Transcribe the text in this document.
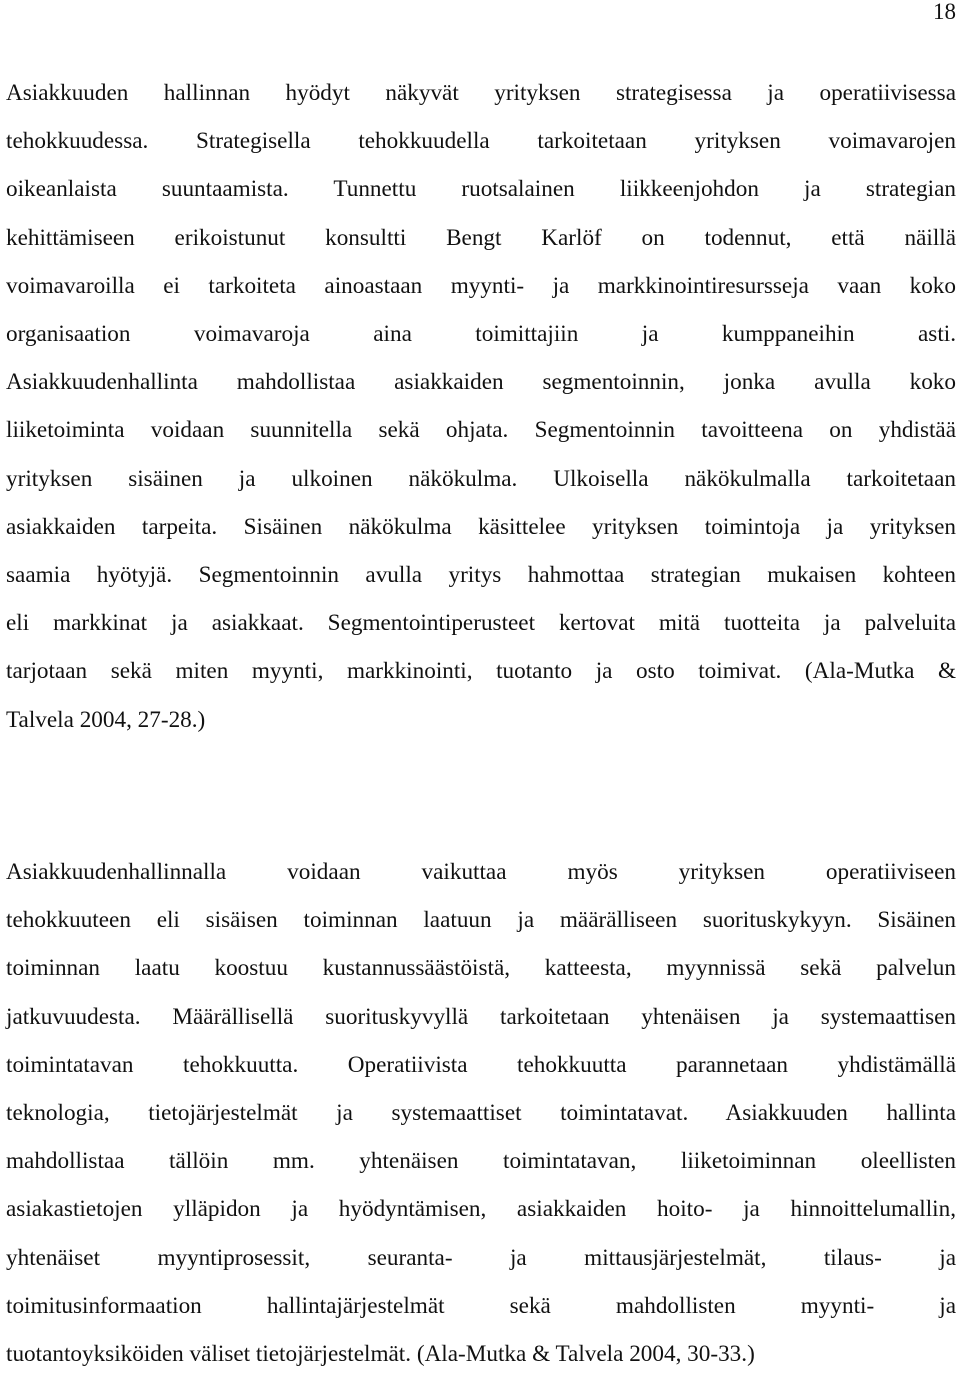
18
Asiakkuuden hallinnan hyödyt näkyvät yrityksen strategisessa ja operatiivisessa
tehokkuudessa. Strategisella tehokkuudella tarkoitetaan yrityksen voimavarojen
oikeanlaista suuntaamista. Tunnettu ruotsalainen liikkeenjohdon ja strategian
kehittämiseen erikoistunut konsultti Bengt Karlöf on todennut, että näillä
voimavaroilla ei tarkoiteta ainoastaan myynti- ja markkinointiresursseja vaan koko
organisaation voimavaroja aina toimittajiin ja kumppaneihin asti.
Asiakkuudenhallinta mahdollistaa asiakkaiden segmentoinnin, jonka avulla koko
liiketoiminta voidaan suunnitella sekä ohjata. Segmentoinnin tavoitteena on yhdistää
yrityksen sisäinen ja ulkoinen näkökulma. Ulkoisella näkökulmalla tarkoitetaan
asiakkaiden tarpeita. Sisäinen näkökulma käsittelee yrityksen toimintoja ja yrityksen
saamia hyötyjä. Segmentoinnin avulla yritys hahmottaa strategian mukaisen kohteen
eli markkinat ja asiakkaat. Segmentointiperusteet kertovat mitä tuotteita ja palveluita
tarjotaan sekä miten myynti, markkinointi, tuotanto ja osto toimivat. (Ala-Mutka &
Talvela 2004, 27-28.)
Asiakkuudenhallinnalla voidaan vaikuttaa myös yrityksen operatiiviseen
tehokkuuteen eli sisäisen toiminnan laatuun ja määrälliseen suorituskykyyn. Sisäinen
toiminnan laatu koostuu kustannussäästöistä, katteesta, myynnissä sekä palvelun
jatkuvuudesta. Määrällisellä suorituskyvyllä tarkoitetaan yhtenäisen ja systemaattisen
toimintatavan tehokkuutta. Operatiivista tehokkuutta parannetaan yhdistämällä
teknologia, tietojärjestelmät ja systemaattiset toimintatavat. Asiakkuuden hallinta
mahdollistaa tällöin mm. yhtenäisen toimintatavan, liiketoiminnan oleellisten
asiakastietojen ylläpidon ja hyödyntämisen, asiakkaiden hoito- ja hinnoittelumallin,
yhtenäiset myyntiprosessit, seuranta- ja mittausjärjestelmät, tilaus- ja
toimitusinformaation hallintajärjestelmät sekä mahdollisten myynti- ja
tuotantoyksiköiden väliset tietojärjestelmät. (Ala-Mutka & Talvela 2004, 30-33.)
